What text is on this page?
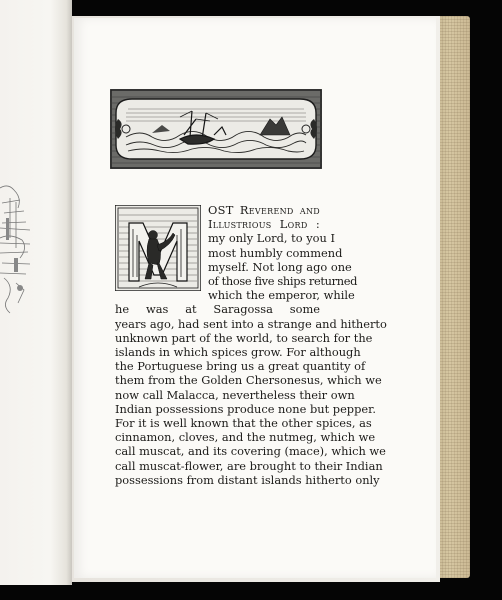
OST Reverend and
Illustrious Lord :
my only Lord, to you I
most humbly commend
myself. Not long ago one
of those five ships returned
which the emperor, while
he was at Saragossa some
years ago, had sent into a strange and hitherto
unknown part of the world, to search for the
islands in which spices grow. For although
the Portuguese bring us a great quantity of
them from the Golden Chersonesus, which we
now call Malacca, nevertheless their own
Indian possessions produce none but pepper.
For it is well known that the other spices, as
cinnamon, cloves, and the nutmeg, which we
call muscat, and its covering (mace), which we
call muscat-flower, are brought to their Indian
possessions from distant islands hitherto only
